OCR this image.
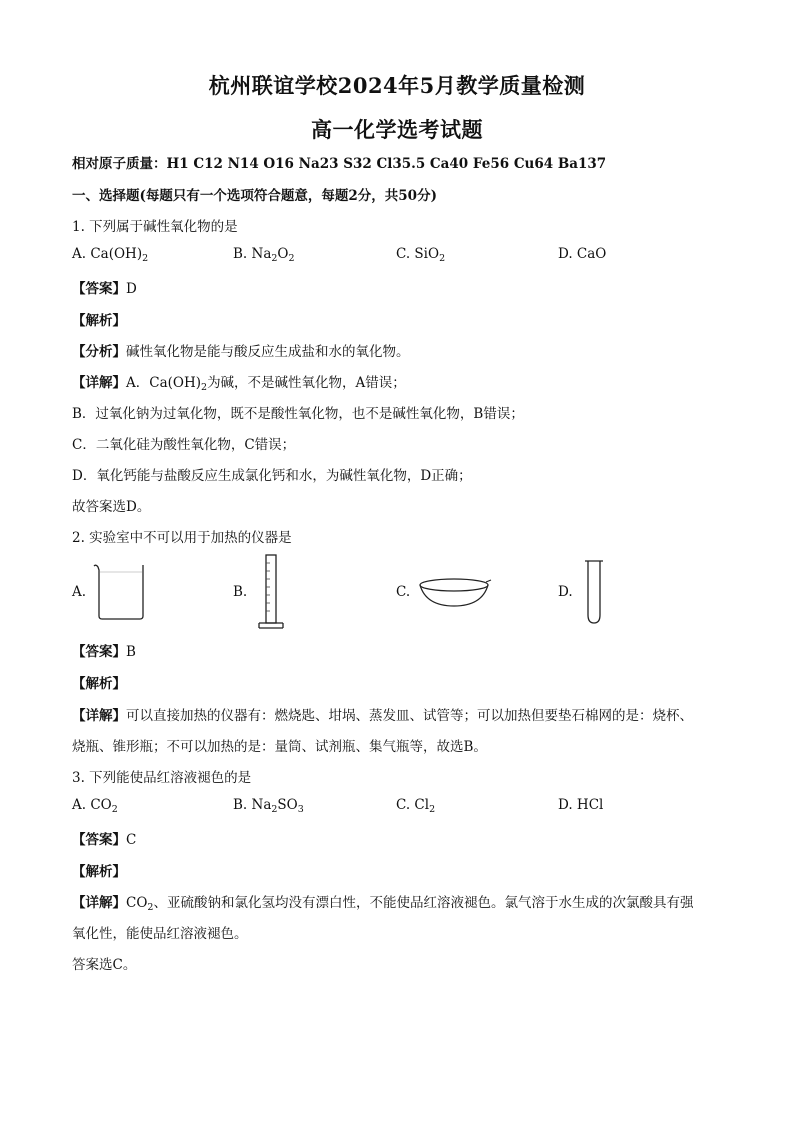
杭州联谊学校2024年5月教学质量检测
高一化学选考试题
相对原子质量：H1 C12 N14 O16 Na23 S32 Cl35.5 Ca40 Fe56 Cu64 Ba137
一、选择题(每题只有一个选项符合题意，每题2分，共50分)
1. 下列属于碱性氧化物的是
A. $Ca(OH)_2$	B. $Na_2O_2$	C. SiO$_2$	D. CaO
【答案】D
【解析】
【分析】碱性氧化物是能与酸反应生成盐和水的氧化物。
【详解】A．$Ca(OH)_2$为碱，不是碱性氧化物，A错误；
B．过氧化钠为过氧化物，既不是酸性氧化物，也不是碱性氧化物，B错误；
C．二氧化硅为酸性氧化物，C错误；
D．氧化钙能与盐酸反应生成氯化钙和水，为碱性氧化物，D正确；
故答案选D。
2. 实验室中不可以用于加热的仪器是
A.	B.	C.	D.
【答案】B
【解析】
【详解】可以直接加热的仪器有：燃烧匙、坩埚、蒸发皿、试管等；可以加热但要垫石棉网的是：烧杯、
烧瓶、锥形瓶；不可以加热的是：量筒、试剂瓶、集气瓶等，故选B。
3. 下列能使品红溶液褪色的是
A. $CO_2$	B. $Na_2SO_3$	C. $Cl_2$	D. HCl
【答案】C
【解析】
【详解】$CO_2$、亚硫酸钠和氯化氢均没有漂白性，不能使品红溶液褪色。氯气溶于水生成的次氯酸具有强
氧化性，能使品红溶液褪色。
答案选C。
